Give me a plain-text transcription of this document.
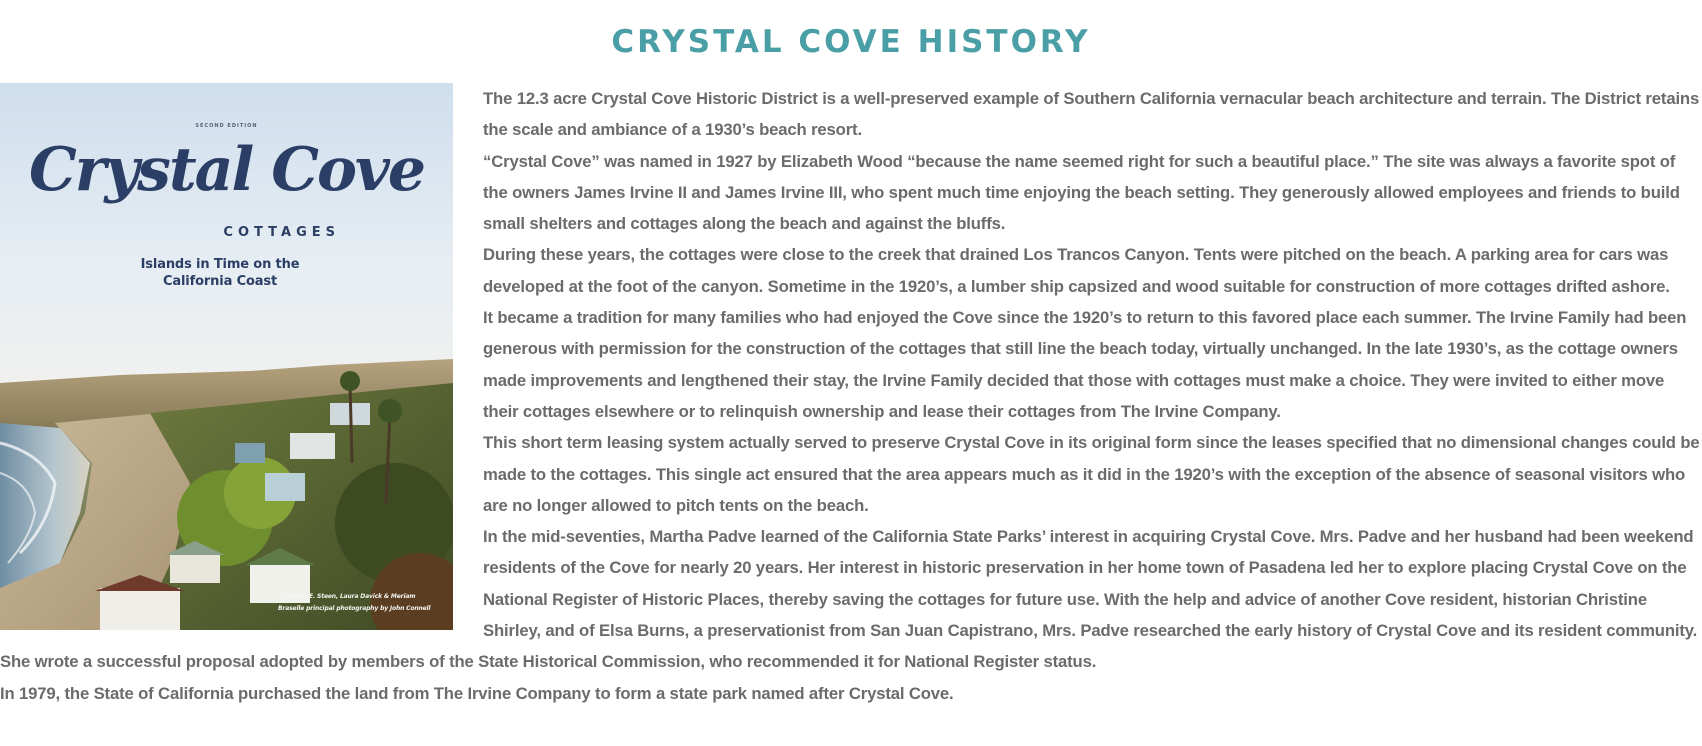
CRYSTAL COVE HISTORY
SECOND EDITION
Crystal Cove
COTTAGES
Islands in Time on the
California Coast
by Karen E. Steen, Laura Davick & Meriam
Braselle principal photography by John Connell

The 12.3 acre Crystal Cove Historic District is a well-preserved example of Southern California vernacular beach architecture and terrain. The District retains the scale and ambiance of a 1930’s beach resort.

“Crystal Cove” was named in 1927 by Elizabeth Wood “because the name seemed right for such a beautiful place.” The site was always a favorite spot of the owners James Irvine II and James Irvine III, who spent much time enjoying the beach setting. They generously allowed employees and friends to build small shelters and cottages along the beach and against the bluffs.

During these years, the cottages were close to the creek that drained Los Trancos Canyon. Tents were pitched on the beach. A parking area for cars was developed at the foot of the canyon. Sometime in the 1920’s, a lumber ship capsized and wood suitable for construction of more cottages drifted ashore.

It became a tradition for many families who had enjoyed the Cove since the 1920’s to return to this favored place each summer. The Irvine Family had been generous with permission for the construction of the cottages that still line the beach today, virtually unchanged. In the late 1930’s, as the cottage owners made improvements and lengthened their stay, the Irvine Family decided that those with cottages must make a choice. They were invited to either move their cottages elsewhere or to relinquish ownership and lease their cottages from The Irvine Company.

This short term leasing system actually served to preserve Crystal Cove in its original form since the leases specified that no dimensional changes could be made to the cottages. This single act ensured that the area appears much as it did in the 1920’s with the exception of the absence of seasonal visitors who are no longer allowed to pitch tents on the beach.

In the mid-seventies, Martha Padve learned of the California State Parks’ interest in acquiring Crystal Cove. Mrs. Padve and her husband had been weekend residents of the Cove for nearly 20 years. Her interest in historic preservation in her home town of Pasadena led her to explore placing Crystal Cove on the National Register of Historic Places, thereby saving the cottages for future use. With the help and advice of another Cove resident, historian Christine Shirley, and of Elsa Burns, a preservationist from San Juan Capistrano, Mrs. Padve researched the early history of Crystal Cove and its resident community. She wrote a successful proposal adopted by members of the State Historical Commission, who recommended it for National Register status.

In 1979, the State of California purchased the land from The Irvine Company to form a state park named after Crystal Cove.
